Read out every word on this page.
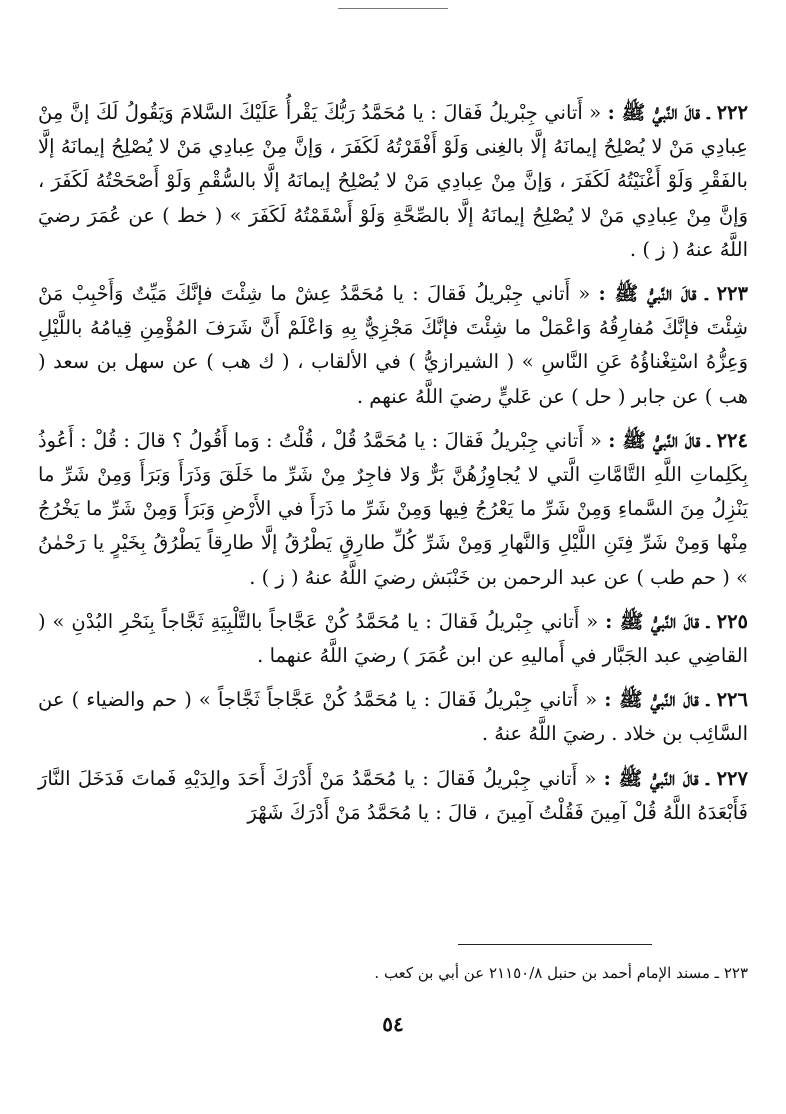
٢٢٢ ـ قالَ النَّبيُّ ﷺ : « أَتاني جِبْريلُ فَقالَ : يا مُحَمَّدُ رَبُّكَ يَقْرأُ عَلَيْكَ السَّلامَ وَيَقُولُ لَكَ إنَّ مِنْ عِبادِي مَنْ لا يُصْلِحُ إيمانَهُ إلَّا بالغِنى وَلَوْ أَفْقَرْتُهُ لَكَفَرَ ، وَإنَّ مِنْ عِبادِي مَنْ لا يُصْلِحُ إيمانَهُ إلَّا بالفَقْرِ وَلَوْ أَغْنَيْتُهُ لَكَفَرَ ، وَإنَّ مِنْ عِبادِي مَنْ لا يُصْلِحُ إيمانَهُ إلَّا بالسُّقْمِ وَلَوْ أَصْحَحْتُهُ لَكَفَرَ ، وَإنَّ مِنْ عِبادِي مَنْ لا يُصْلِحُ إيمانَهُ إلَّا بالصِّحَّةِ وَلَوْ أَسْقَمْتُهُ لَكَفَرَ » ( خط ) عن عُمَرَ رضيَ اللَّهُ عنهُ ( ز ) .

٢٢٣ ـ قالَ النَّبيُّ ﷺ : « أَتاني جِبْريلُ فَقالَ : يا مُحَمَّدُ عِشْ ما شِئْتَ فإنَّكَ مَيِّتٌ وَأَحْبِبْ مَنْ شِئْتَ فإنَّكَ مُفارِقُهُ وَاعْمَلْ ما شِئْتَ فإنَّكَ مَجْزِيٌّ بِهِ وَاعْلَمْ أَنَّ شَرَفَ المُؤْمِنِ قِيامُهُ باللَّيْلِ وَعِزُّهُ اسْتِغْناؤُهُ عَنِ النَّاسِ » ( الشيرازيُّ ) في الألقاب ، ( ك هب ) عن سهل بن سعد ( هب ) عن جابر ( حل ) عن عَليٍّ رضيَ اللَّهُ عنهم .

٢٢٤ ـ قالَ النَّبيُّ ﷺ : « أَتاني جِبْريلُ فَقالَ : يا مُحَمَّدُ قُلْ ، قُلْتُ : وَما أَقُولُ ؟ قالَ : قُلْ : أَعُوذُ بِكَلِماتِ اللَّهِ التَّامَّاتِ الَّتي لا يُجاوِزُهُنَّ بَرٌّ وَلا فاجِرٌ مِنْ شَرِّ ما خَلَقَ وَذَرَأَ وَبَرَأَ وَمِنْ شَرِّ ما يَنْزِلُ مِنَ السَّماءِ وَمِنْ شَرِّ ما يَعْرُجُ فِيها وَمِنْ شَرِّ ما ذَرَأَ في الأَرْضِ وَبَرَأَ وَمِنْ شَرِّ ما يَخْرُجُ مِنْها وَمِنْ شَرِّ فِتَنِ اللَّيْلِ وَالنَّهارِ وَمِنْ شَرِّ كُلِّ طارِقٍ يَطْرُقُ إلَّا طارِقاً يَطْرُقُ بِخَيْرٍ يا رَحْمٰنُ » ( حم طب ) عن عبد الرحمن بن خَنْبَش رضيَ اللَّهُ عنهُ ( ز ) .

٢٢٥ ـ قالَ النَّبيُّ ﷺ : « أَتاني جِبْريلُ فَقالَ : يا مُحَمَّدُ كُنْ عَجَّاجاً بالتَّلْبِيَةِ ثَجَّاجاً بِنَحْرِ البُدْنِ » ( القاضِي عبد الجَبَّار في أَماليهِ عن ابن عُمَرَ ) رضيَ اللَّهُ عنهما .

٢٢٦ ـ قالَ النَّبيُّ ﷺ : « أَتاني جِبْريلُ فَقالَ : يا مُحَمَّدُ كُنْ عَجَّاجاً ثَجَّاجاً » ( حم والضياء ) عن السَّائِب بن خلاد . رضيَ اللَّهُ عنهُ .

٢٢٧ ـ قالَ النَّبيُّ ﷺ : « أَتاني جِبْريلُ فَقالَ : يا مُحَمَّدُ مَنْ أَدْرَكَ أَحَدَ والِدَيْهِ فَماتَ فَدَخَلَ النَّارَ فَأَبْعَدَهُ اللَّهُ قُلْ آمِينَ فَقُلْتُ آمِينَ ، قالَ : يا مُحَمَّدُ مَنْ أَدْرَكَ شَهْرَ

٢٢٣ ـ مسند الإمام أحمد بن حنبل ٢١١٥٠/٨ عن أبي بن كعب .
٥٤
